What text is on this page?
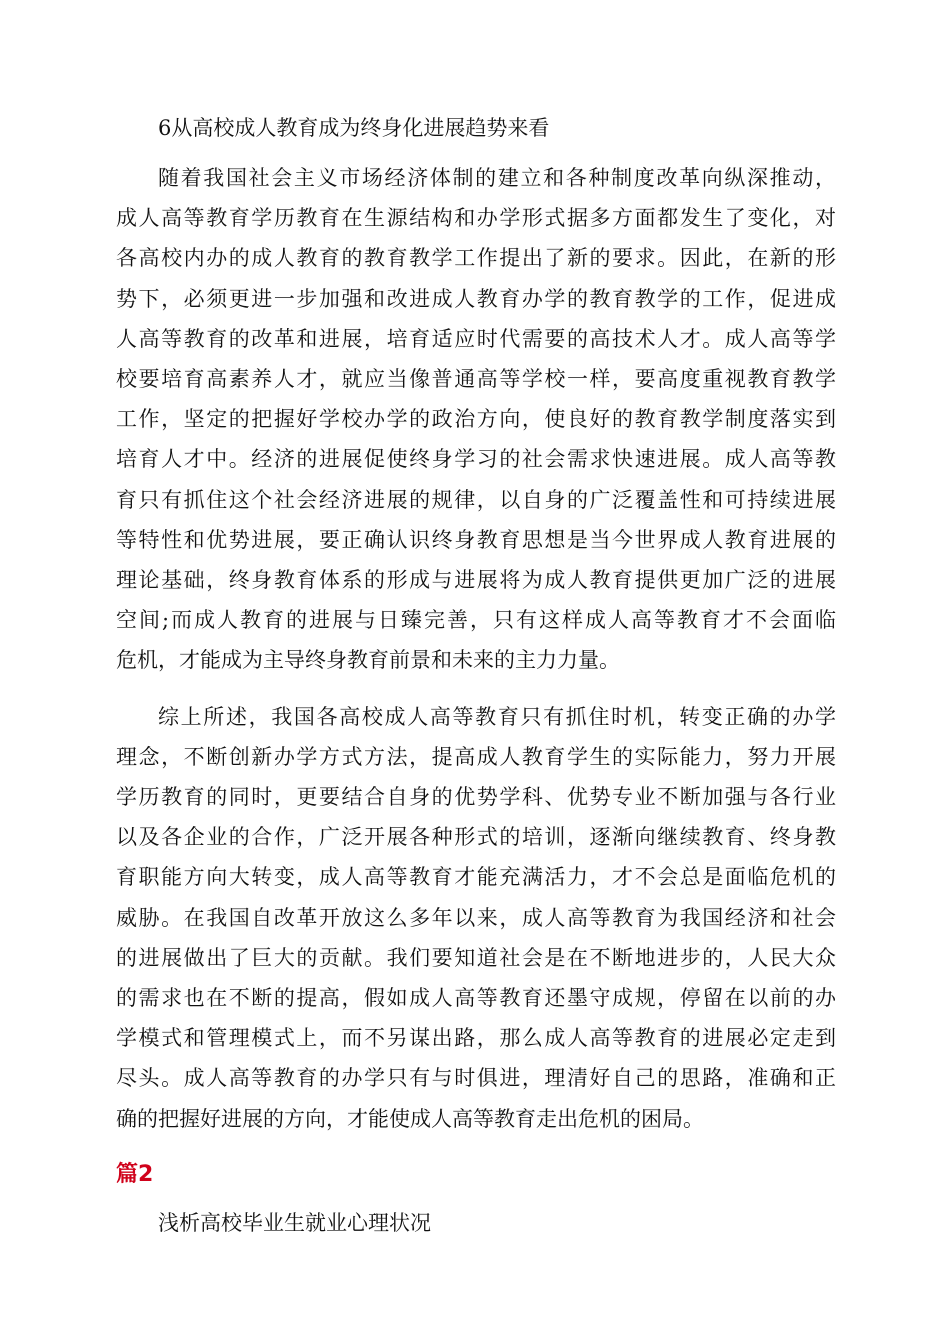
6从高校成人教育成为终身化进展趋势来看
随着我国社会主义市场经济体制的建立和各种制度改革向纵深推动，
成人高等教育学历教育在生源结构和办学形式据多方面都发生了变化，对
各高校内办的成人教育的教育教学工作提出了新的要求。因此，在新的形
势下，必须更进一步加强和改进成人教育办学的教育教学的工作，促进成
人高等教育的改革和进展，培育适应时代需要的高技术人才。成人高等学
校要培育高素养人才，就应当像普通高等学校一样，要高度重视教育教学
工作，坚定的把握好学校办学的政治方向，使良好的教育教学制度落实到
培育人才中。经济的进展促使终身学习的社会需求快速进展。成人高等教
育只有抓住这个社会经济进展的规律，以自身的广泛覆盖性和可持续进展
等特性和优势进展，要正确认识终身教育思想是当今世界成人教育进展的
理论基础，终身教育体系的形成与进展将为成人教育提供更加广泛的进展
空间;而成人教育的进展与日臻完善，只有这样成人高等教育才不会面临
危机，才能成为主导终身教育前景和未来的主力力量。
综上所述，我国各高校成人高等教育只有抓住时机，转变正确的办学
理念，不断创新办学方式方法，提高成人教育学生的实际能力，努力开展
学历教育的同时，更要结合自身的优势学科、优势专业不断加强与各行业
以及各企业的合作，广泛开展各种形式的培训，逐渐向继续教育、终身教
育职能方向大转变，成人高等教育才能充满活力，才不会总是面临危机的
威胁。在我国自改革开放这么多年以来，成人高等教育为我国经济和社会
的进展做出了巨大的贡献。我们要知道社会是在不断地进步的，人民大众
的需求也在不断的提高，假如成人高等教育还墨守成规，停留在以前的办
学模式和管理模式上，而不另谋出路，那么成人高等教育的进展必定走到
尽头。成人高等教育的办学只有与时俱进，理清好自己的思路，准确和正
确的把握好进展的方向，才能使成人高等教育走出危机的困局。
篇2
浅析高校毕业生就业心理状况
